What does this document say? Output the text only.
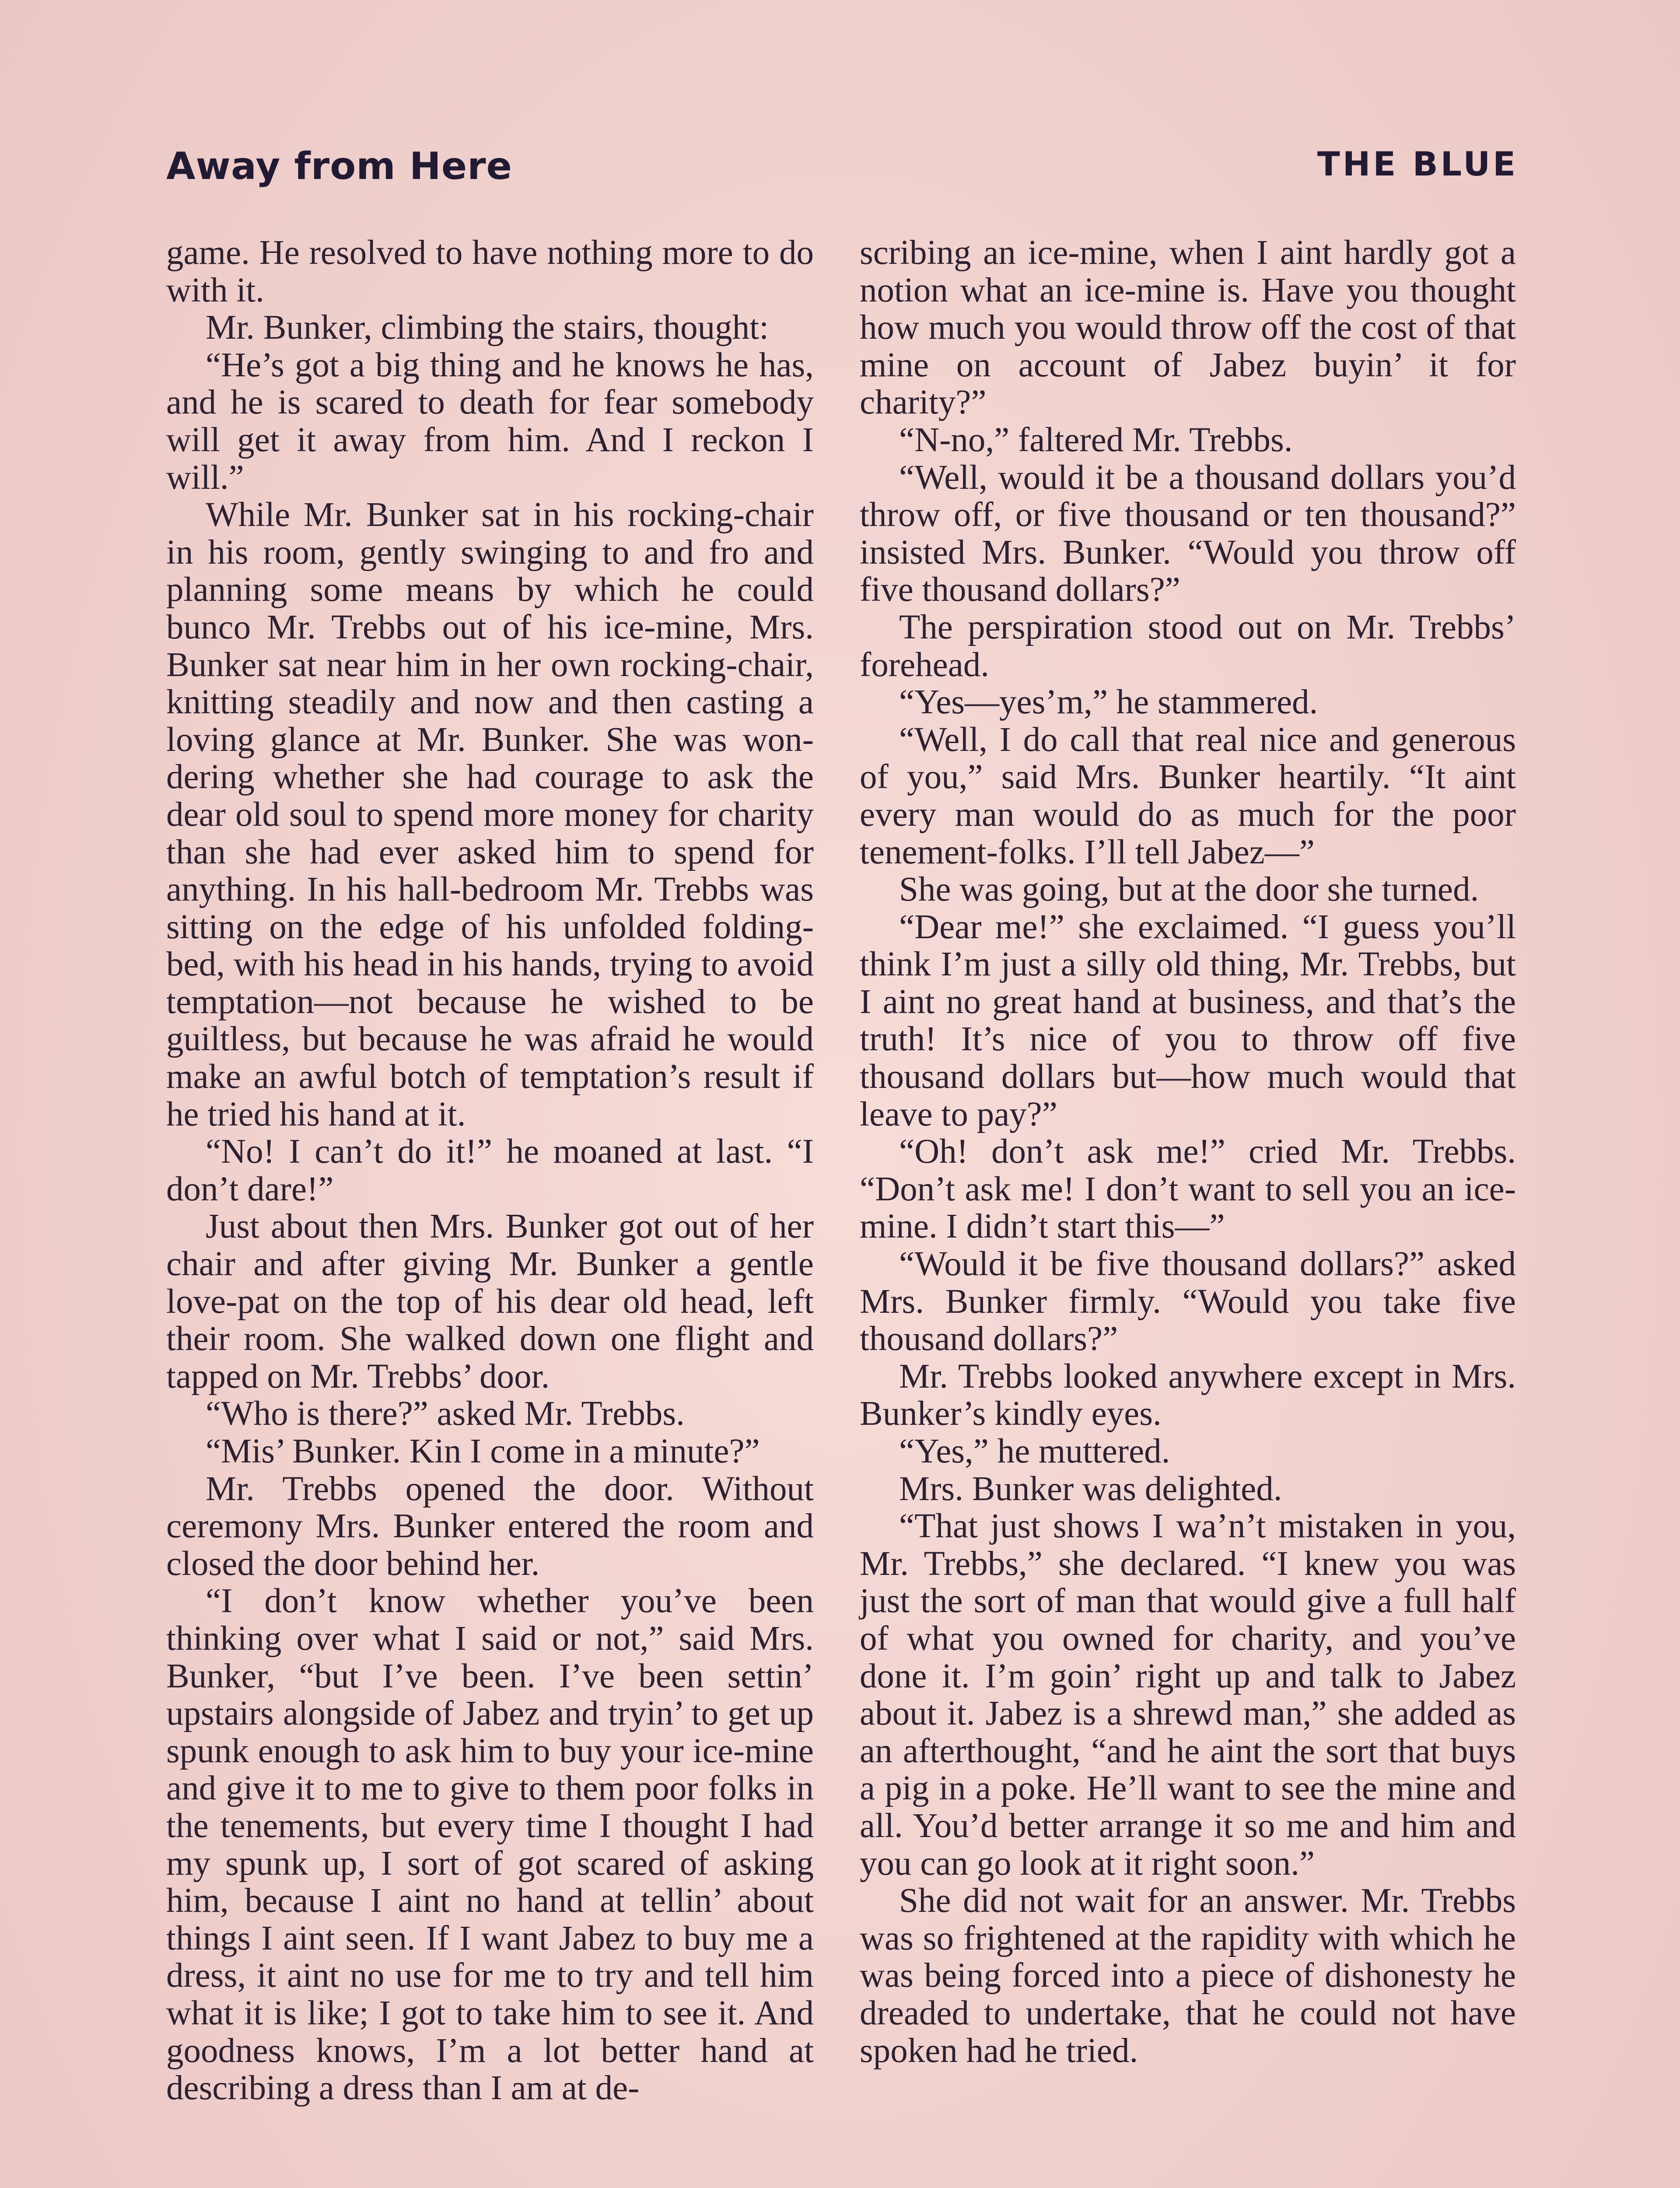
Away from Here	THE BLUE

game. He resolved to have nothing more to do with it.

Mr. Bunker, climbing the stairs, thought:

“He’s got a big thing and he knows he has, and he is scared to death for fear somebody will get it away from him. And I reckon I will.”

While Mr. Bunker sat in his rocking-chair in his room, gently swinging to and fro and planning some means by which he could bunco Mr. Trebbs out of his ice-mine, Mrs. Bunker sat near him in her own rocking-chair, knitting steadily and now and then casting a loving glance at Mr. Bunker. She was wondering whether she had courage to ask the dear old soul to spend more money for charity than she had ever asked him to spend for anything. In his hall-bedroom Mr. Trebbs was sitting on the edge of his unfolded folding-bed, with his head in his hands, trying to avoid temptation—not because he wished to be guiltless, but because he was afraid he would make an awful botch of temptation’s result if he tried his hand at it.

“No! I can’t do it!” he moaned at last. “I don’t dare!”

Just about then Mrs. Bunker got out of her chair and after giving Mr. Bunker a gentle love-pat on the top of his dear old head, left their room. She walked down one flight and tapped on Mr. Trebbs’ door.

“Who is there?” asked Mr. Trebbs.

“Mis’ Bunker. Kin I come in a minute?”

Mr. Trebbs opened the door. Without ceremony Mrs. Bunker entered the room and closed the door behind her.

“I don’t know whether you’ve been thinking over what I said or not,” said Mrs. Bunker, “but I’ve been. I’ve been settin’ upstairs alongside of Jabez and tryin’ to get up spunk enough to ask him to buy your ice-mine and give it to me to give to them poor folks in the tenements, but every time I thought I had my spunk up, I sort of got scared of asking him, because I aint no hand at tellin’ about things I aint seen. If I want Jabez to buy me a dress, it aint no use for me to try and tell him what it is like; I got to take him to see it. And goodness knows, I’m a lot better hand at describing a dress than I am at de-

scribing an ice-mine, when I aint hardly got a notion what an ice-mine is. Have you thought how much you would throw off the cost of that mine on account of Jabez buyin’ it for charity?”

“N-no,” faltered Mr. Trebbs.

“Well, would it be a thousand dollars you’d throw off, or five thousand or ten thousand?” insisted Mrs. Bunker. “Would you throw off five thousand dollars?”

The perspiration stood out on Mr. Trebbs’ forehead.

“Yes—yes’m,” he stammered.

“Well, I do call that real nice and generous of you,” said Mrs. Bunker heartily. “It aint every man would do as much for the poor tenement-folks. I’ll tell Jabez—”

She was going, but at the door she turned.

“Dear me!” she exclaimed. “I guess you’ll think I’m just a silly old thing, Mr. Trebbs, but I aint no great hand at business, and that’s the truth! It’s nice of you to throw off five thousand dollars but—how much would that leave to pay?”

“Oh! don’t ask me!” cried Mr. Trebbs. “Don’t ask me! I don’t want to sell you an ice-mine. I didn’t start this—”

“Would it be five thousand dollars?” asked Mrs. Bunker firmly. “Would you take five thousand dollars?”

Mr. Trebbs looked anywhere except in Mrs. Bunker’s kindly eyes.

“Yes,” he muttered.

Mrs. Bunker was delighted.

“That just shows I wa’n’t mistaken in you, Mr. Trebbs,” she declared. “I knew you was just the sort of man that would give a full half of what you owned for charity, and you’ve done it. I’m goin’ right up and talk to Jabez about it. Jabez is a shrewd man,” she added as an afterthought, “and he aint the sort that buys a pig in a poke. He’ll want to see the mine and all. You’d better arrange it so me and him and you can go look at it right soon.”

She did not wait for an answer. Mr. Trebbs was so frightened at the rapidity with which he was being forced into a piece of dishonesty he dreaded to undertake, that he could not have spoken had he tried.
